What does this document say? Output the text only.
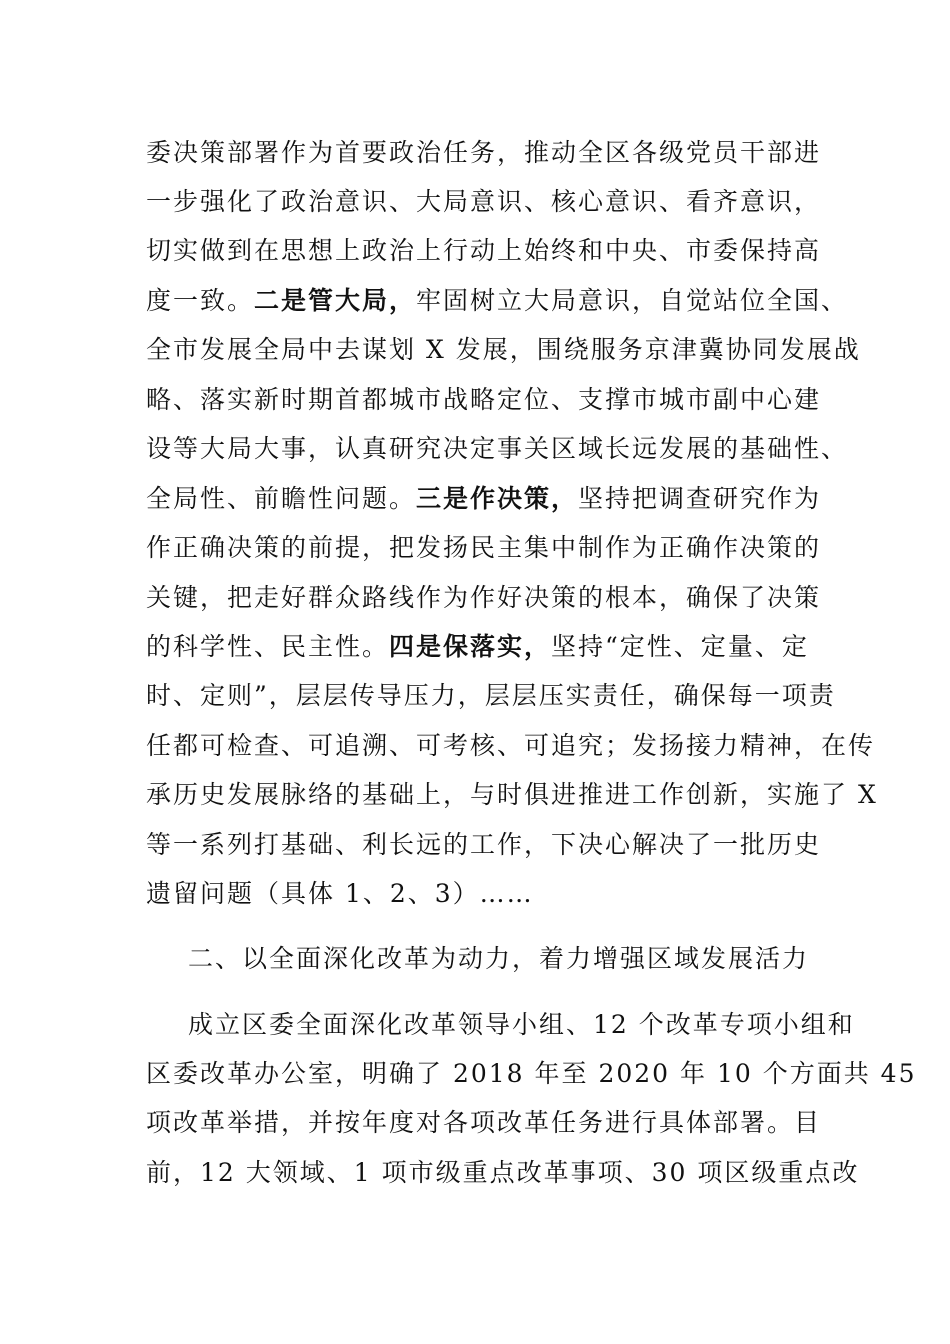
委决策部署作为首要政治任务，推动全区各级党员干部进
一步强化了政治意识、大局意识、核心意识、看齐意识，
切实做到在思想上政治上行动上始终和中央、市委保持高
度一致。二是管大局，牢固树立大局意识，自觉站位全国、
全市发展全局中去谋划 X 发展，围绕服务京津冀协同发展战
略、落实新时期首都城市战略定位、支撑市城市副中心建
设等大局大事，认真研究决定事关区域长远发展的基础性、
全局性、前瞻性问题。三是作决策，坚持把调查研究作为
作正确决策的前提，把发扬民主集中制作为正确作决策的
关键，把走好群众路线作为作好决策的根本，确保了决策
的科学性、民主性。四是保落实，坚持“定性、定量、定
时、定则”，层层传导压力，层层压实责任，确保每一项责
任都可检查、可追溯、可考核、可追究；发扬接力精神，在传
承历史发展脉络的基础上，与时俱进推进工作创新，实施了 X
等一系列打基础、利长远的工作，下决心解决了一批历史
遗留问题（具体 1、2、3）……
二、以全面深化改革为动力，着力增强区域发展活力
成立区委全面深化改革领导小组、12 个改革专项小组和
区委改革办公室，明确了 2018 年至 2020 年 10 个方面共 45
项改革举措，并按年度对各项改革任务进行具体部署。目
前，12 大领域、1 项市级重点改革事项、30 项区级重点改
